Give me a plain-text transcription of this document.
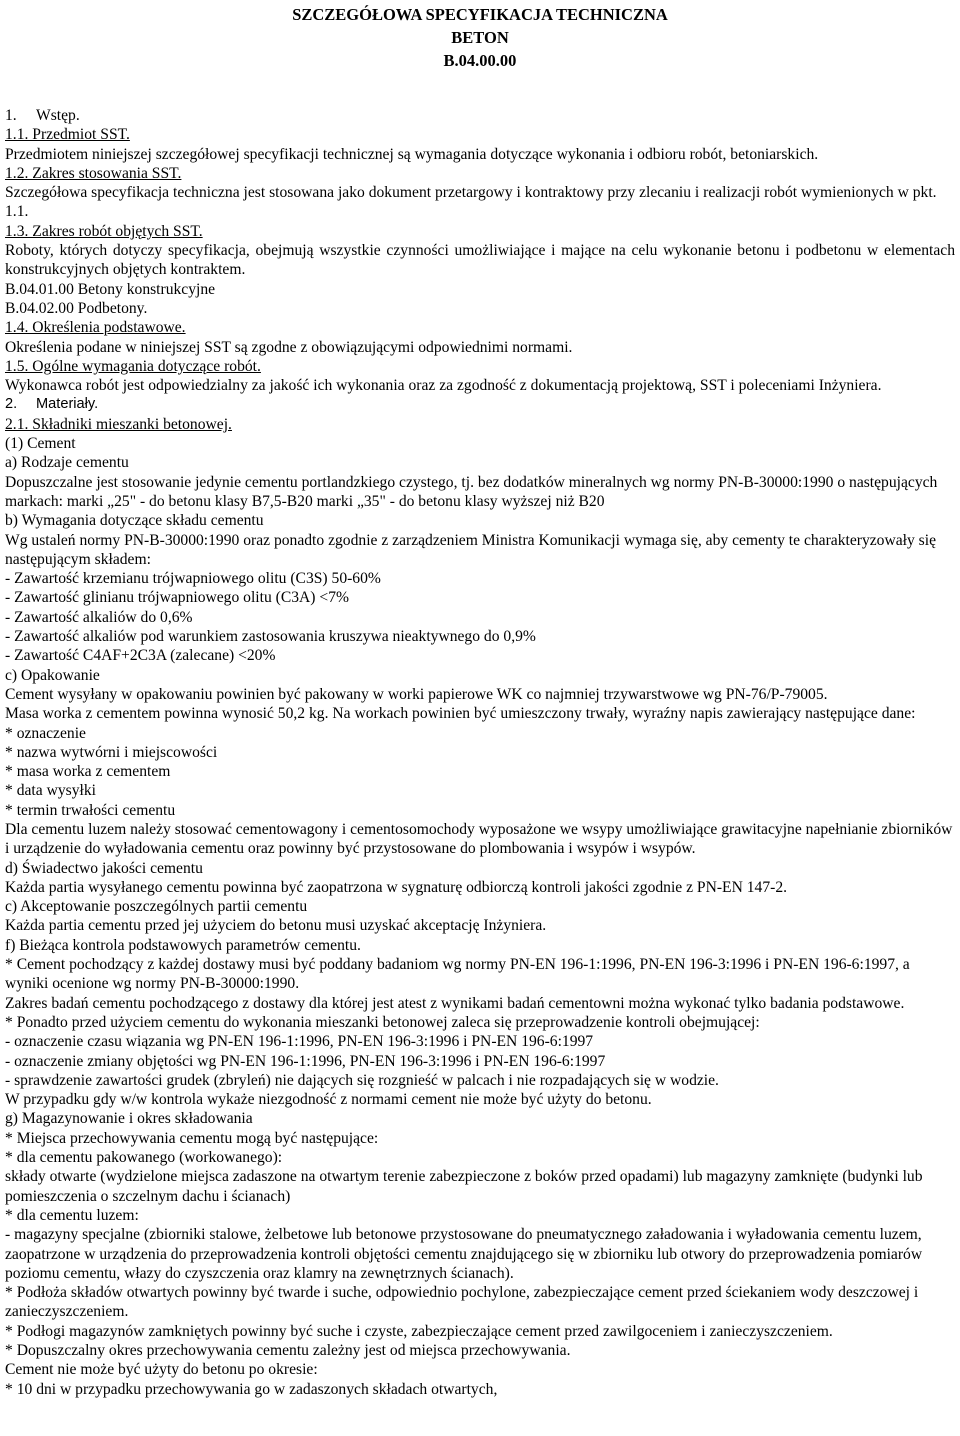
SZCZEGÓŁOWA SPECYFIKACJA TECHNICZNA
BETON
B.04.00.00

1. Wstęp.

1.1. Przedmiot SST.

Przedmiotem niniejszej szczegółowej specyfikacji technicznej są wymagania dotyczące wykonania i odbioru robót, betoniarskich.

1.2. Zakres stosowania SST.

Szczegółowa specyfikacja techniczna jest stosowana jako dokument przetargowy i kontraktowy przy zlecaniu i realizacji robót wymienionych w pkt. 1.1.

1.3. Zakres robót objętych SST.

Roboty, których dotyczy specyfikacja, obejmują wszystkie czynności umożliwiające i mające na celu wykonanie betonu i podbetonu w elementach konstrukcyjnych objętych kontraktem.

B.04.01.00 Betony konstrukcyjne

B.04.02.00 Podbetony.

1.4. Określenia podstawowe.

Określenia podane w niniejszej SST są zgodne z obowiązującymi odpowiednimi normami.

1.5. Ogólne wymagania dotyczące robót.

Wykonawca robót jest odpowiedzialny za jakość ich wykonania oraz za zgodność z dokumentacją projektową, SST i poleceniami Inżyniera.

2. Materiały.

2.1. Składniki mieszanki betonowej.

(1) Cement

a) Rodzaje cementu

Dopuszczalne jest stosowanie jedynie cementu portlandzkiego czystego, tj. bez dodatków mineralnych wg normy PN-B-30000:1990 o następujących markach: marki „25" - do betonu klasy B7,5-B20 marki „35" - do betonu klasy wyższej niż B20

b) Wymagania dotyczące składu cementu

Wg ustaleń normy PN-B-30000:1990 oraz ponadto zgodnie z zarządzeniem Ministra Komunikacji wymaga się, aby cementy te charakteryzowały się następującym składem:

- Zawartość krzemianu trójwapniowego olitu (C3S) 50-60%

- Zawartość glinianu trójwapniowego olitu (C3A) <7%

- Zawartość alkaliów do 0,6%

- Zawartość alkaliów pod warunkiem zastosowania kruszywa nieaktywnego do 0,9%

- Zawartość C4AF+2C3A (zalecane) <20%

c) Opakowanie

Cement wysyłany w opakowaniu powinien być pakowany w worki papierowe WK co najmniej trzywarstwowe wg PN-76/P-79005.

Masa worka z cementem powinna wynosić 50,2 kg. Na workach powinien być umieszczony trwały, wyraźny napis zawierający następujące dane:

* oznaczenie

* nazwa wytwórni i miejscowości

* masa worka z cementem

* data wysyłki

* termin trwałości cementu

Dla cementu luzem należy stosować cementowagony i cementosomochody wyposażone we wsypy umożliwiające grawitacyjne napełnianie zbiorników i urządzenie do wyładowania cementu oraz powinny być przystosowane do plombowania i wsypów i wsypów.

d) Świadectwo jakości cementu

Każda partia wysyłanego cementu powinna być zaopatrzona w sygnaturę odbiorczą kontroli jakości zgodnie z PN-EN 147-2.

c) Akceptowanie poszczególnych partii cementu

Każda partia cementu przed jej użyciem do betonu musi uzyskać akceptację Inżyniera.

f) Bieżąca kontrola podstawowych parametrów cementu.

* Cement pochodzący z każdej dostawy musi być poddany badaniom wg normy PN-EN 196-1:1996, PN-EN 196-3:1996 i PN-EN 196-6:1997, a wyniki ocenione wg normy PN-B-30000:1990.

Zakres badań cementu pochodzącego z dostawy dla której jest atest z wynikami badań cementowni można wykonać tylko badania podstawowe.

* Ponadto przed użyciem cementu do wykonania mieszanki betonowej zaleca się przeprowadzenie kontroli obejmującej:

- oznaczenie czasu wiązania wg PN-EN 196-1:1996, PN-EN 196-3:1996 i PN-EN 196-6:1997

- oznaczenie zmiany objętości wg PN-EN 196-1:1996, PN-EN 196-3:1996 i PN-EN 196-6:1997

- sprawdzenie zawartości grudek (zbryleń) nie dających się rozgnieść w palcach i nie rozpadających się w wodzie.

W przypadku gdy w/w kontrola wykaże niezgodność z normami cement nie może być użyty do betonu.

g) Magazynowanie i okres składowania

* Miejsca przechowywania cementu mogą być następujące:

* dla cementu pakowanego (workowanego):

składy otwarte (wydzielone miejsca zadaszone na otwartym terenie zabezpieczone z boków przed opadami) lub magazyny zamknięte (budynki lub pomieszczenia o szczelnym dachu i ścianach)

* dla cementu luzem:

- magazyny specjalne (zbiorniki stalowe, żelbetowe lub betonowe przystosowane do pneumatycznego załadowania i wyładowania cementu luzem, zaopatrzone w urządzenia do przeprowadzenia kontroli objętości cementu znajdującego się w zbiorniku lub otwory do przeprowadzenia pomiarów poziomu cementu, włazy do czyszczenia oraz klamry na zewnętrznych ścianach).

* Podłoża składów otwartych powinny być twarde i suche, odpowiednio pochylone, zabezpieczające cement przed ściekaniem wody deszczowej i zanieczyszczeniem.

* Podłogi magazynów zamkniętych powinny być suche i czyste, zabezpieczające cement przed zawilgoceniem i zanieczyszczeniem.

* Dopuszczalny okres przechowywania cementu zależny jest od miejsca przechowywania.

Cement nie może być użyty do betonu po okresie:

* 10 dni w przypadku przechowywania go w zadaszonych składach otwartych,
